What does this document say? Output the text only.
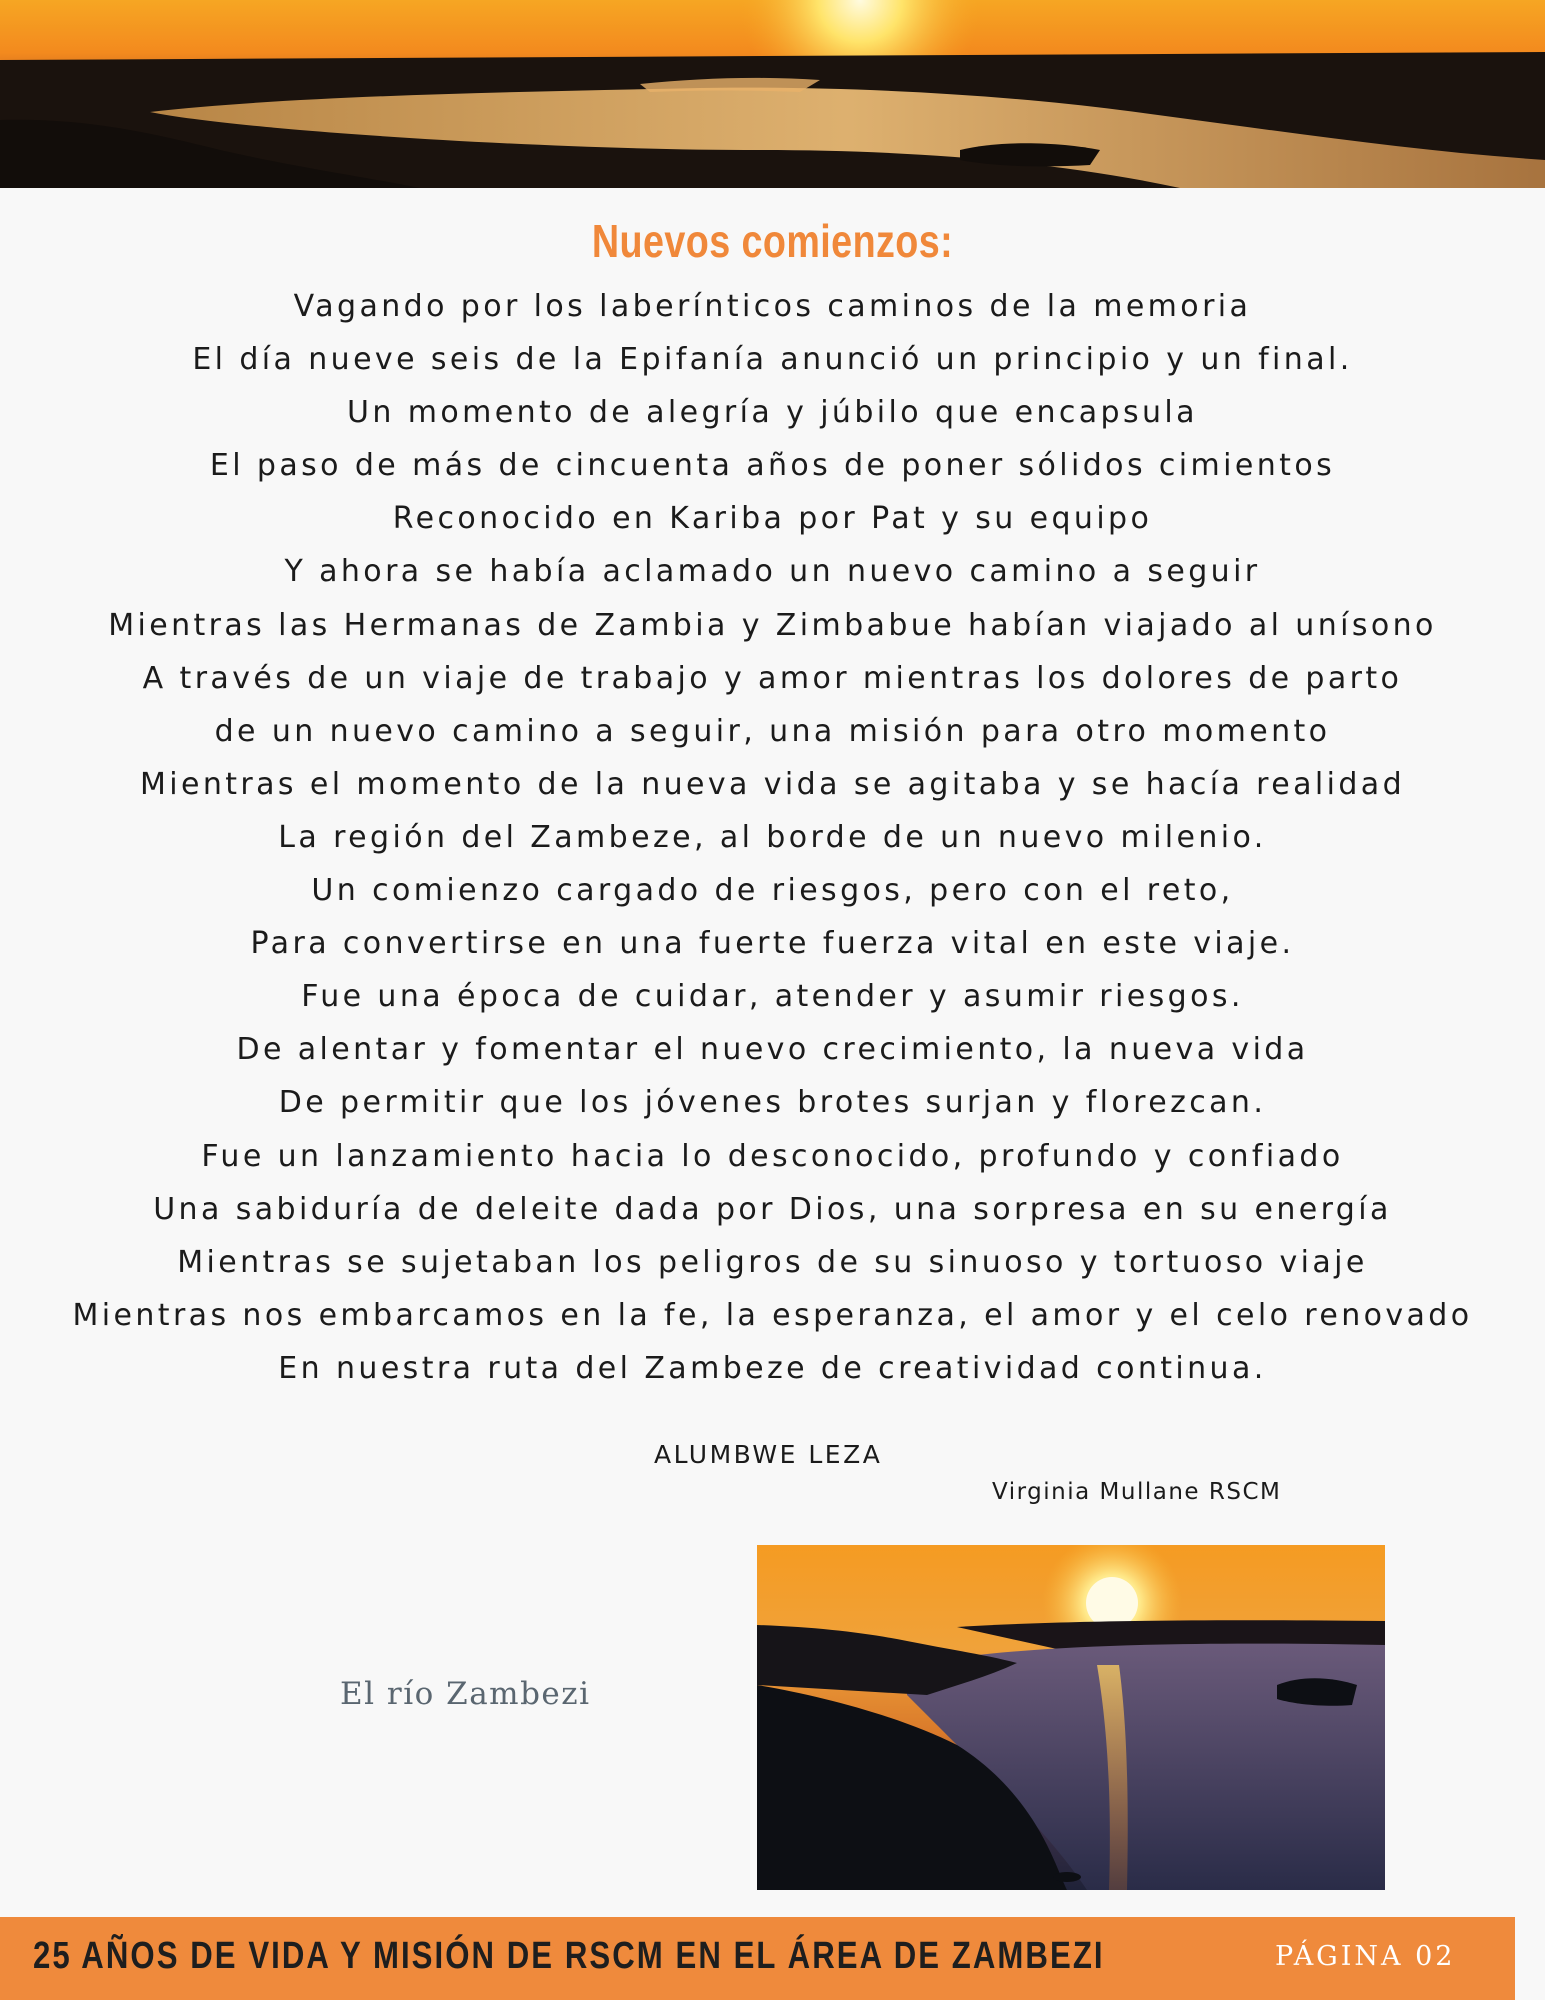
Nuevos comienzos:
Vagando por los laberínticos caminos de la memoria
El día nueve seis de la Epifanía anunció un principio y un final.
Un momento de alegría y júbilo que encapsula
El paso de más de cincuenta años de poner sólidos cimientos
Reconocido en Kariba por Pat y su equipo
Y ahora se había aclamado un nuevo camino a seguir
Mientras las Hermanas de Zambia y Zimbabue habían viajado al unísono
A través de un viaje de trabajo y amor mientras los dolores de parto
de un nuevo camino a seguir, una misión para otro momento
Mientras el momento de la nueva vida se agitaba y se hacía realidad
La región del Zambeze, al borde de un nuevo milenio.
Un comienzo cargado de riesgos, pero con el reto,
Para convertirse en una fuerte fuerza vital en este viaje.
Fue una época de cuidar, atender y asumir riesgos.
De alentar y fomentar el nuevo crecimiento, la nueva vida
De permitir que los jóvenes brotes surjan y florezcan.
Fue un lanzamiento hacia lo desconocido, profundo y confiado
Una sabiduría de deleite dada por Dios, una sorpresa en su energía
Mientras se sujetaban los peligros de su sinuoso y tortuoso viaje
Mientras nos embarcamos en la fe, la esperanza, el amor y el celo renovado
En nuestra ruta del Zambeze de creatividad continua.
ALUMBWE LEZA
Virginia Mullane RSCM
El río Zambezi
25 AÑOS DE VIDA Y MISIÓN DE RSCM EN EL ÁREA DE ZAMBEZI	PÁGINA 02
